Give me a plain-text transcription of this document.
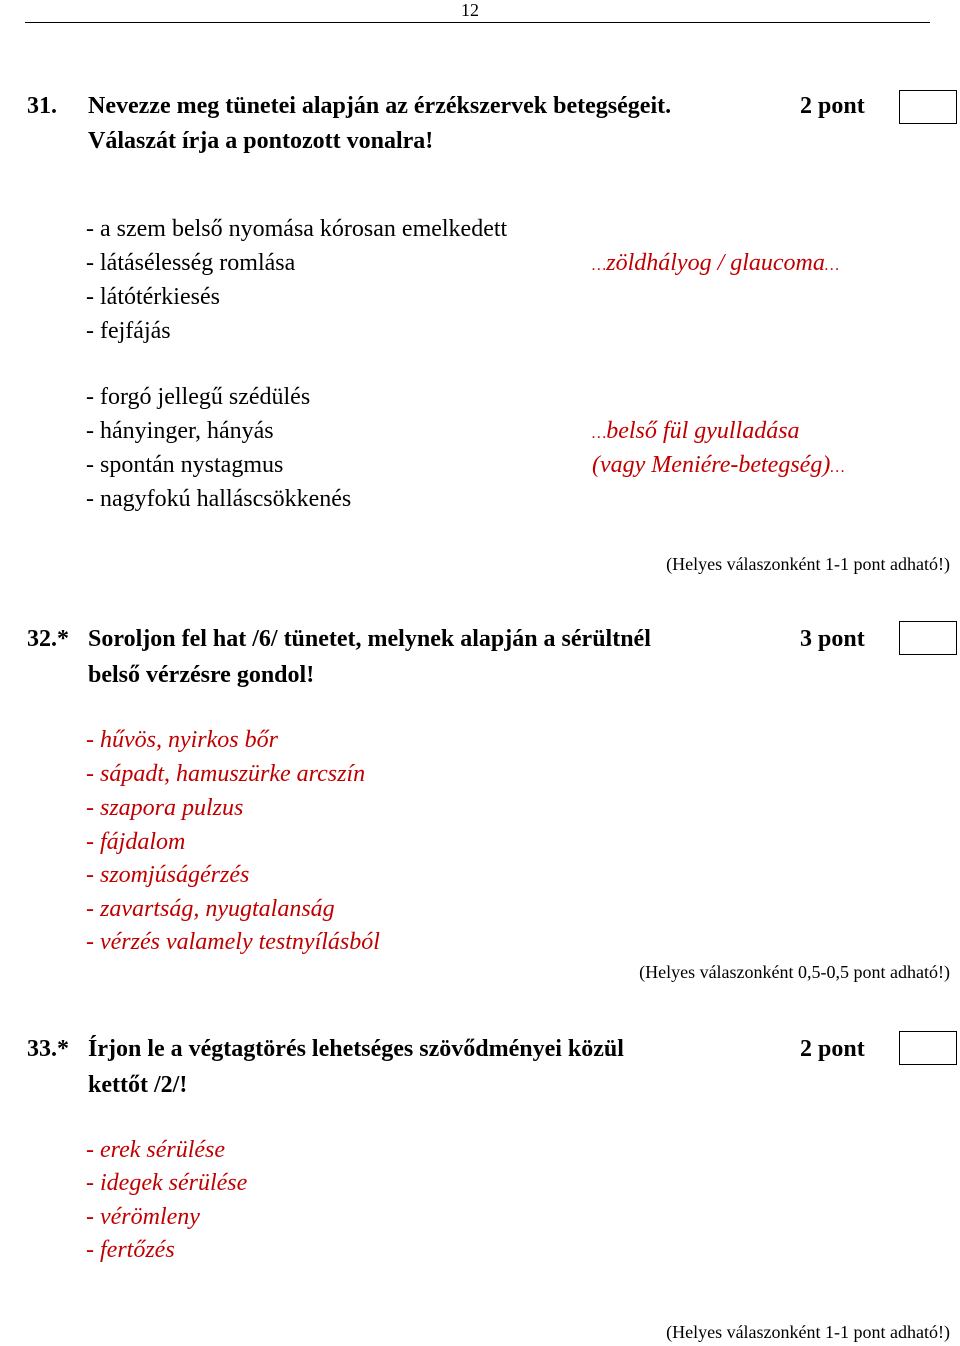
12
31. Nevezze meg tünetei alapján az érzékszervek betegségeit.
Válaszát írja a pontozott vonalra!
2 pont
- a szem belső nyomása kórosan emelkedett
- látásélesség romlása
- látótérkiesés
- fejfájás
…zöldhályog / glaucoma…
- forgó jellegű szédülés
- hányinger, hányás
- spontán nystagmus
- nagyfokú halláscsökkenés
…belső fül gyulladása
(vagy Meniére-betegség)…
(Helyes válaszonként 1-1 pont adható!)
32.* Soroljon fel hat /6/ tünetet, melynek alapján a sérültnél
belső vérzésre gondol!
3 pont
- hűvös, nyirkos bőr
- sápadt, hamuszürke arcszín
- szapora pulzus
- fájdalom
- szomjúságérzés
- zavartság, nyugtalanság
- vérzés valamely testnyílásból
(Helyes válaszonként 0,5-0,5 pont adható!)
33.* Írjon le a végtagtörés lehetséges szövődményei közül
kettőt /2/!
2 pont
- erek sérülése
- idegek sérülése
- vérömleny
- fertőzés
(Helyes válaszonként 1-1 pont adható!)
